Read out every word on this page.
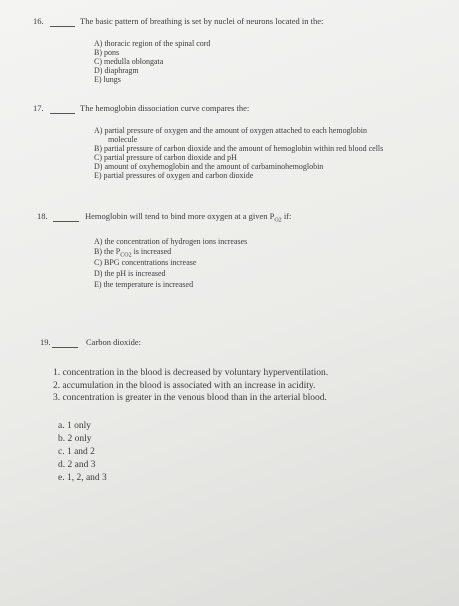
16.	The basic pattern of breathing is set by nuclei of neurons located in the:
A) thoracic region of the spinal cord
B) pons
C) medulla oblongata
D) diaphragm
E) lungs
17.	The hemoglobin dissociation curve compares the:
A) partial pressure of oxygen and the amount of oxygen attached to each hemoglobin
molecule
B) partial pressure of carbon dioxide and the amount of hemoglobin within red blood cells
C) partial pressure of carbon dioxide and pH
D) amount of oxyhemoglobin and the amount of carbaminohemoglobin
E) partial pressures of oxygen and carbon dioxide
18.	Hemoglobin will tend to bind more oxygen at a given $P_{O2}$ if:
A) the concentration of hydrogen ions increases
B) the $P_{CO2}$ is increased
C) BPG concentrations increase
D) the pH is increased
E) the temperature is increased
19.	Carbon dioxide:
1. concentration in the blood is decreased by voluntary hyperventilation.
2. accumulation in the blood is associated with an increase in acidity.
3. concentration is greater in the venous blood than in the arterial blood.
a. 1 only
b. 2 only
c. 1 and 2
d. 2 and 3
e. 1, 2, and 3
